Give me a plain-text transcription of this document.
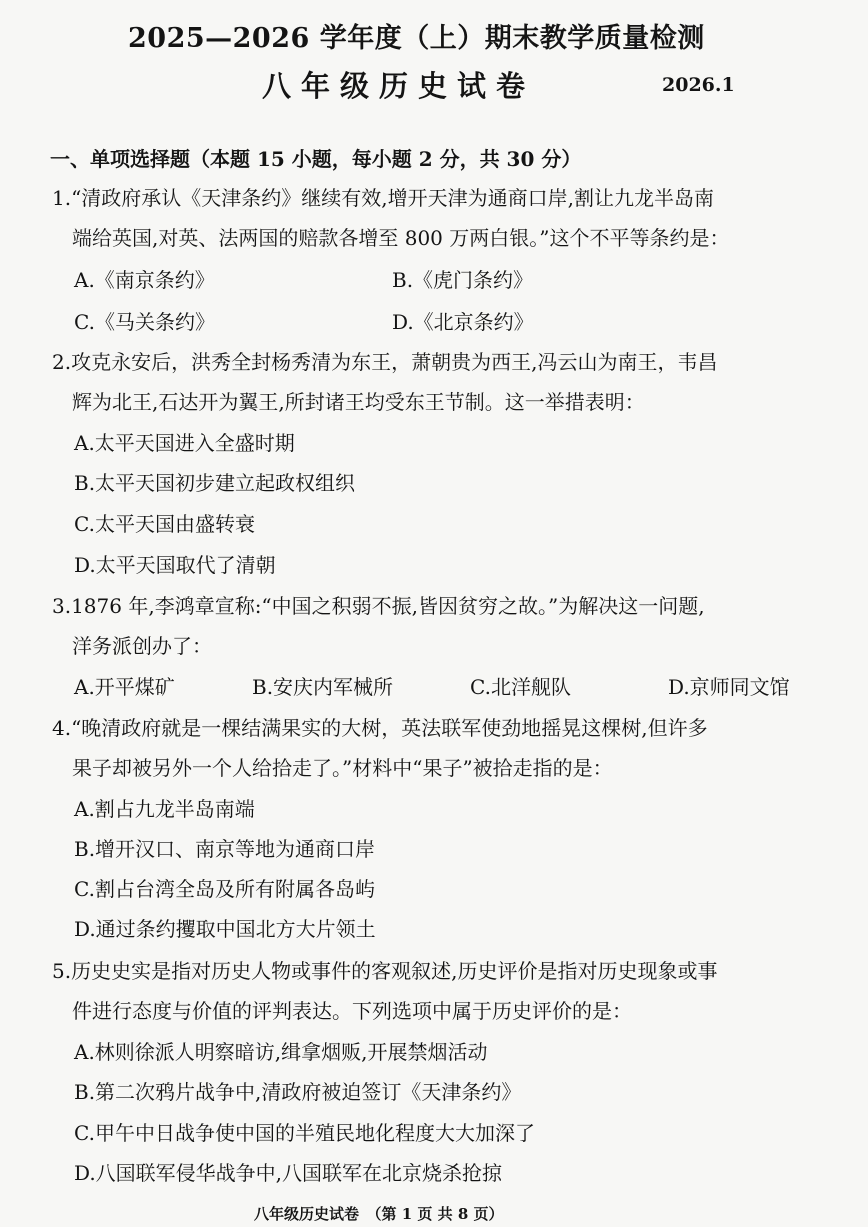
2025—2026 学年度（上）期末教学质量检测
八年级历史试卷	2026.1
一、单项选择题（本题 15 小题，每小题 2 分，共 30 分）
1.“清政府承认《天津条约》继续有效,增开天津为通商口岸,割让九龙半岛南
端给英国,对英、法两国的赔款各增至 800 万两白银。”这个不平等条约是：
A.《南京条约》	B.《虎门条约》
C.《马关条约》	D.《北京条约》
2.攻克永安后，洪秀全封杨秀清为东王，萧朝贵为西王,冯云山为南王，韦昌
辉为北王,石达开为翼王,所封诸王均受东王节制。这一举措表明：
A.太平天国进入全盛时期
B.太平天国初步建立起政权组织
C.太平天国由盛转衰
D.太平天国取代了清朝
3.1876 年,李鸿章宣称:“中国之积弱不振,皆因贫穷之故。”为解决这一问题,
洋务派创办了：
A.开平煤矿	B.安庆内军械所	C.北洋舰队	D.京师同文馆
4.“晚清政府就是一棵结满果实的大树，英法联军使劲地摇晃这棵树,但许多
果子却被另外一个人给拾走了。”材料中“果子”被拾走指的是：
A.割占九龙半岛南端
B.增开汉口、南京等地为通商口岸
C.割占台湾全岛及所有附属各岛屿
D.通过条约攫取中国北方大片领土
5.历史史实是指对历史人物或事件的客观叙述,历史评价是指对历史现象或事
件进行态度与价值的评判表达。下列选项中属于历史评价的是：
A.林则徐派人明察暗访,缉拿烟贩,开展禁烟活动
B.第二次鸦片战争中,清政府被迫签订《天津条约》
C.甲午中日战争使中国的半殖民地化程度大大加深了
D.八国联军侵华战争中,八国联军在北京烧杀抢掠
八年级历史试卷　（第 1 页 共 8 页）
